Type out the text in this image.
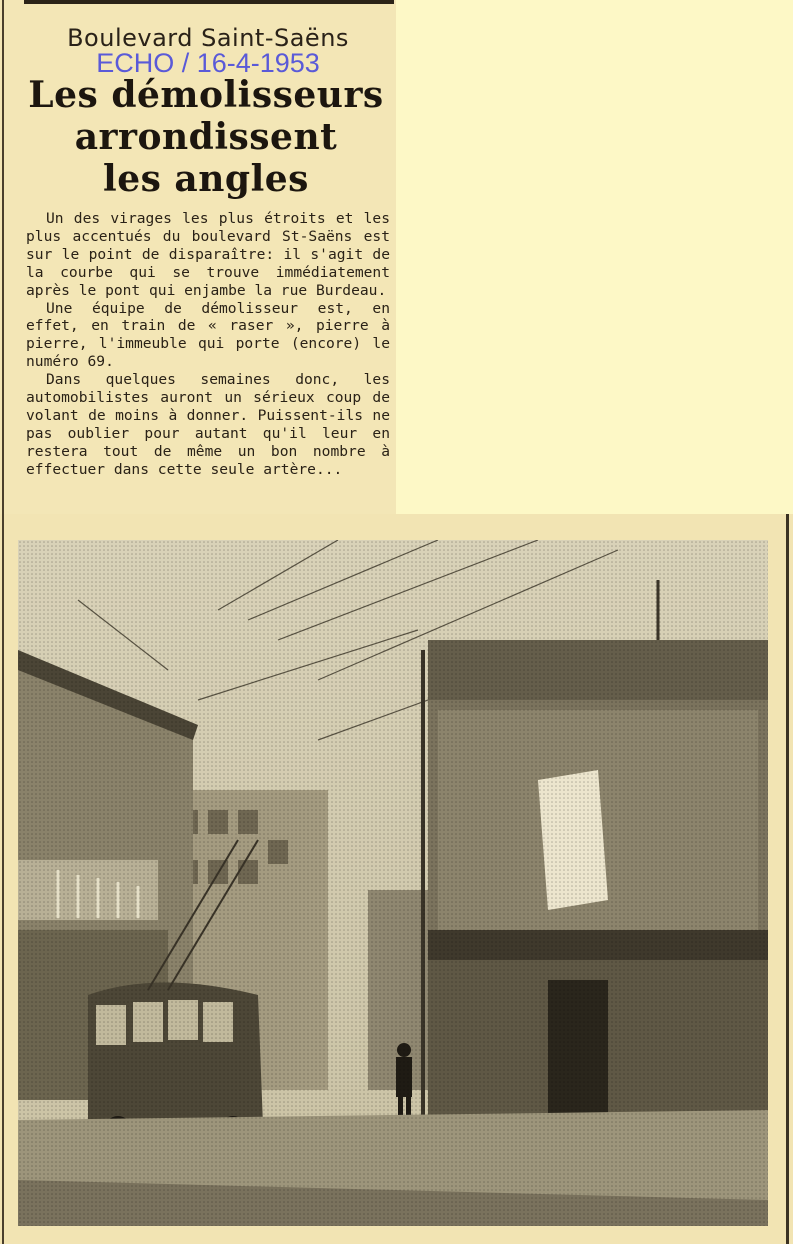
Boulevard Saint-Saëns
ECHO / 16-4-1953
Les démolisseurs
arrondissent
les angles

Un des virages les plus étroits et les plus accentués du boulevard St-Saëns est sur le point de disparaître: il s'agit de la courbe qui se trouve immédiatement après le pont qui enjambe la rue Burdeau.

Une équipe de démolisseur est, en effet, en train de « raser », pierre à pierre, l'immeuble qui porte (encore) le numéro 69.

Dans quelques semaines donc, les automobilistes auront un sérieux coup de volant de moins à donner. Puissent-ils ne pas oublier pour autant qu'il leur en restera tout de même un bon nombre à effectuer dans cette seule artère...
